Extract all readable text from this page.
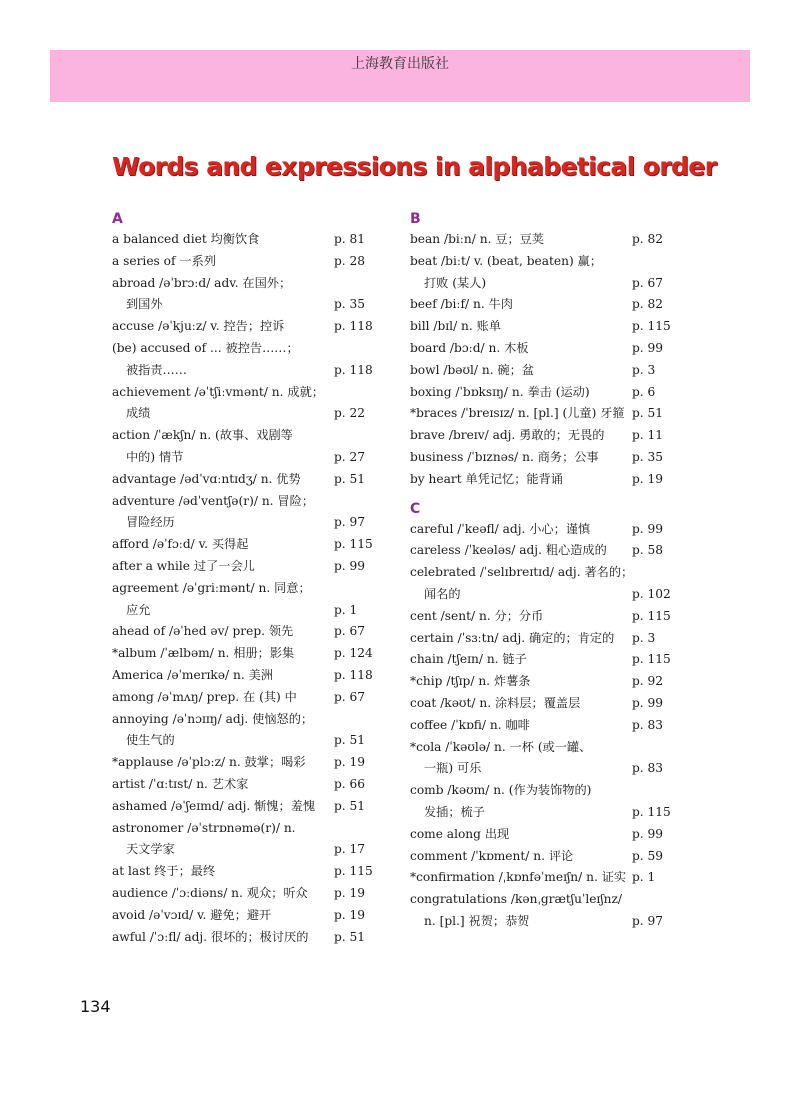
上海教育出版社
Words and expressions in alphabetical order
A
a balanced diet 均衡饮食	p. 81
a series of 一系列	p. 28
abroad /əˈbrɔːd/ adv. 在国外；
到国外	p. 35
accuse /əˈkjuːz/ v. 控告；控诉	p. 118
(be) accused of ... 被控告……；
被指责……	p. 118
achievement /əˈtʃiːvmənt/ n. 成就；
成绩	p. 22
action /ˈækʃn/ n. (故事、戏剧等
中的) 情节	p. 27
advantage /ədˈvɑːntɪdʒ/ n. 优势	p. 51
adventure /ədˈventʃə(r)/ n. 冒险；
冒险经历	p. 97
afford /əˈfɔːd/ v. 买得起	p. 115
after a while 过了一会儿	p. 99
agreement /əˈgriːmənt/ n. 同意；
应允	p. 1
ahead of /əˈhed əv/ prep. 领先	p. 67
*album /ˈælbəm/ n. 相册；影集	p. 124
America /əˈmerɪkə/ n. 美洲	p. 118
among /əˈmʌŋ/ prep. 在 (其) 中	p. 67
annoying /əˈnɔɪɪŋ/ adj. 使恼怒的；
使生气的	p. 51
*applause /əˈplɔːz/ n. 鼓掌；喝彩 p. 19
artist /ˈɑːtɪst/ n. 艺术家	p. 66
ashamed /əˈʃeɪmd/ adj. 惭愧；羞愧 p. 51
astronomer /əˈstrɒnəmə(r)/ n.
天文学家	p. 17
at last 终于；最终	p. 115
audience /ˈɔːdiəns/ n. 观众；听众 p. 19
avoid /əˈvɔɪd/ v. 避免；避开	p. 19
awful /ˈɔːfl/ adj. 很坏的；极讨厌的 p. 51
B
bean /biːn/ n. 豆；豆荚	p. 82
beat /biːt/ v. (beat, beaten) 赢；
打败 (某人)	p. 67
beef /biːf/ n. 牛肉	p. 82
bill /bɪl/ n. 账单	p. 115
board /bɔːd/ n. 木板	p. 99
bowl /bəʊl/ n. 碗；盆	p. 3
boxing /ˈbɒksɪŋ/ n. 拳击 (运动)	p. 6
*braces /ˈbreɪsɪz/ n. [pl.] (儿童) 牙箍 p. 51
brave /breɪv/ adj. 勇敢的；无畏的 p. 11
business /ˈbɪznəs/ n. 商务；公事	p. 35
by heart 单凭记忆；能背诵	p. 19
C
careful /ˈkeəfl/ adj. 小心；谨慎	p. 99
careless /ˈkeələs/ adj. 粗心造成的 p. 58
celebrated /ˈselɪbreɪtɪd/ adj. 著名的；
闻名的	p. 102
cent /sent/ n. 分；分币	p. 115
certain /ˈsɜːtn/ adj. 确定的；肯定的 p. 3
chain /tʃeɪn/ n. 链子	p. 115
*chip /tʃɪp/ n. 炸薯条	p. 92
coat /kəʊt/ n. 涂料层；覆盖层	p. 99
coffee /ˈkɒfi/ n. 咖啡	p. 83
*cola /ˈkəʊlə/ n. 一杯 (或一罐、
一瓶) 可乐	p. 83
comb /kəʊm/ n. (作为装饰物的)
发插；梳子	p. 115
come along 出现	p. 99
comment /ˈkɒment/ n. 评论	p. 59
*confirmation /ˌkɒnfəˈmeɪʃn/ n. 证实 p. 1
congratulations /kənˌgrætʃuˈleɪʃnz/
n. [pl.] 祝贺；恭贺	p. 97
134
